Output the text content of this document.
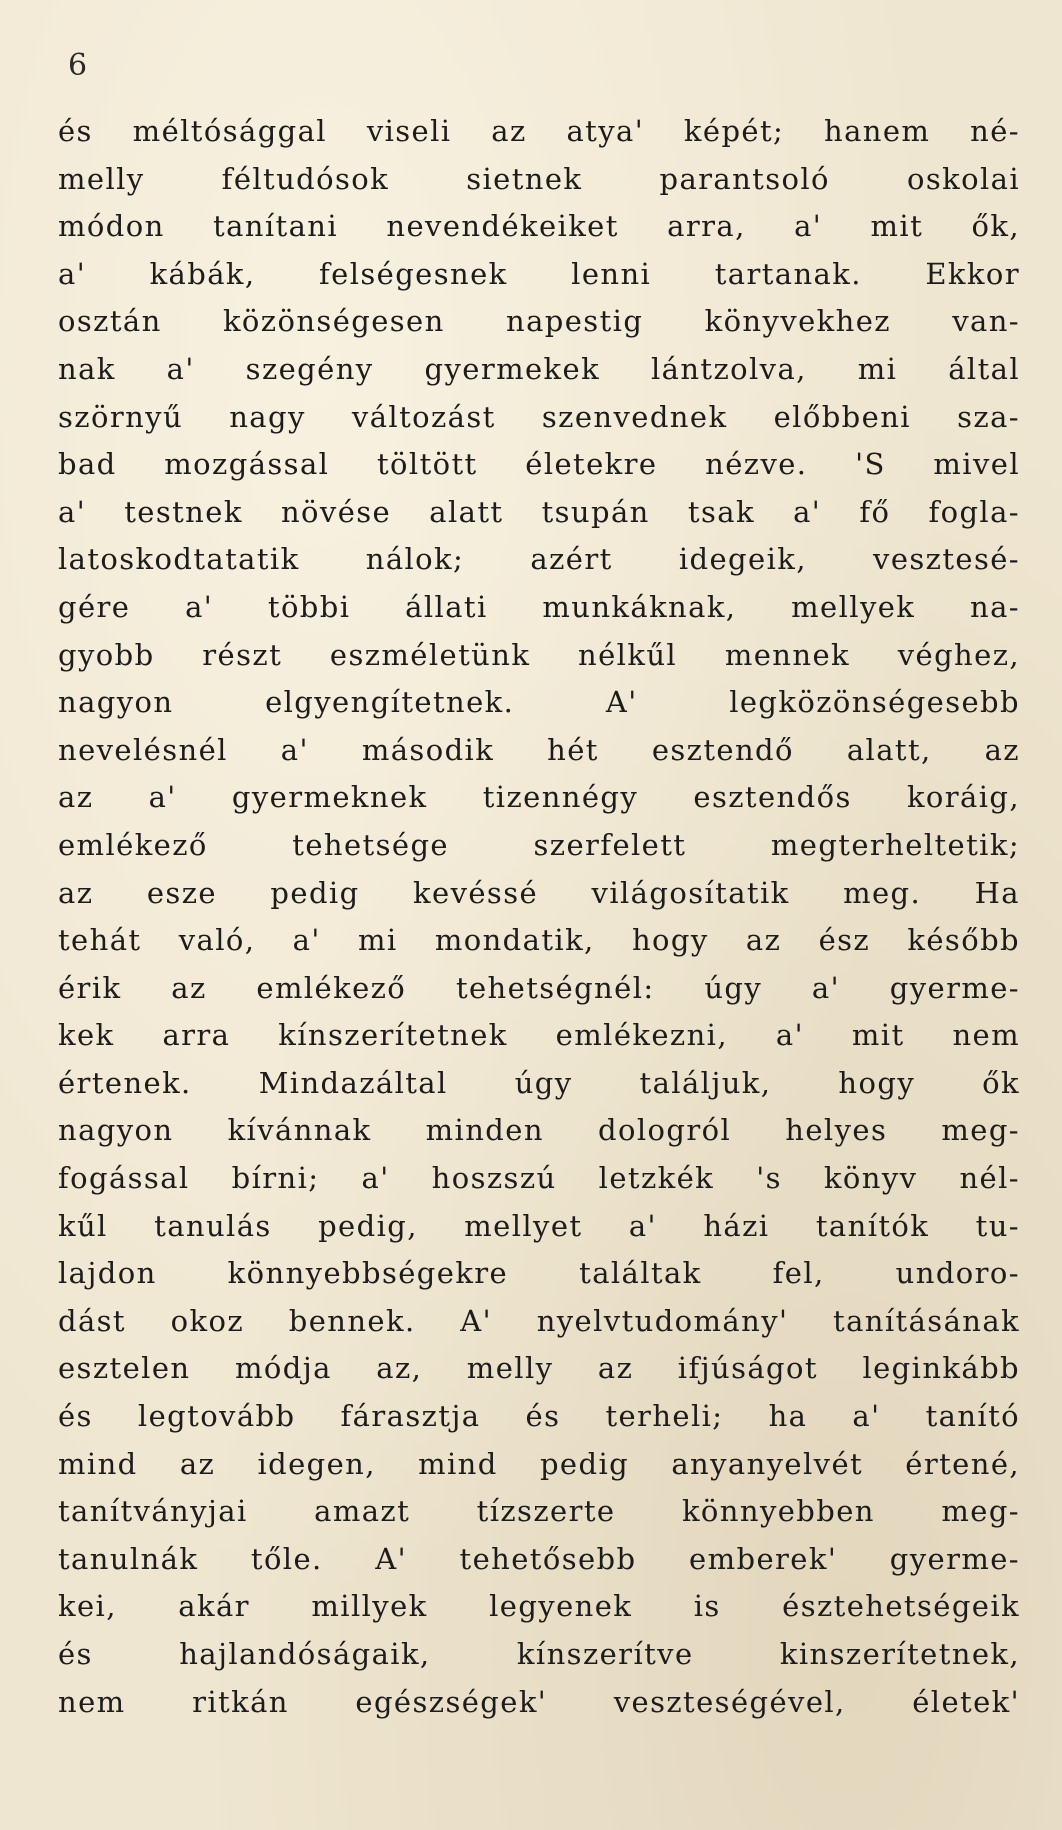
6
és méltósággal viseli az atya' képét; hanem né-
melly féltudósok sietnek parantsoló oskolai
módon tanítani nevendékeiket arra, a' mit ők,
a' kábák, felségesnek lenni tartanak. Ekkor
osztán közönségesen napestig könyvekhez van-
nak a' szegény gyermekek lántzolva, mi által
szörnyű nagy változást szenvednek előbbeni sza-
bad mozgással töltött életekre nézve. 'S mivel
a' testnek növése alatt tsupán tsak a' fő fogla-
latoskodtatatik nálok; azért idegeik, vesztesé-
gére a' többi állati munkáknak, mellyek na-
gyobb részt eszméletünk nélkűl mennek véghez,
nagyon elgyengítetnek. A' legközönségesebb
nevelésnél a' második hét esztendő alatt, az
az a' gyermeknek tizennégy esztendős koráig,
emlékező tehetsége szerfelett megterheltetik;
az esze pedig kevéssé világosítatik meg. Ha
tehát való, a' mi mondatik, hogy az ész később
érik az emlékező tehetségnél: úgy a' gyerme-
kek arra kínszerítetnek emlékezni, a' mit nem
értenek. Mindazáltal úgy találjuk, hogy ők
nagyon kívánnak minden dologról helyes meg-
fogással bírni; a' hoszszú letzkék 's könyv nél-
kűl tanulás pedig, mellyet a' házi tanítók tu-
lajdon könnyebbségekre találtak fel, undoro-
dást okoz bennek. A' nyelvtudomány' tanításának
esztelen módja az, melly az ifjúságot leginkább
és legtovább fárasztja és terheli; ha a' tanító
mind az idegen, mind pedig anyanyelvét értené,
tanítványjai amazt tízszerte könnyebben meg-
tanulnák tőle. A' tehetősebb emberek' gyerme-
kei, akár millyek legyenek is észtehetségeik
és hajlandóságaik, kínszerítve kinszerítetnek,
nem ritkán egészségek' veszteségével, életek'
